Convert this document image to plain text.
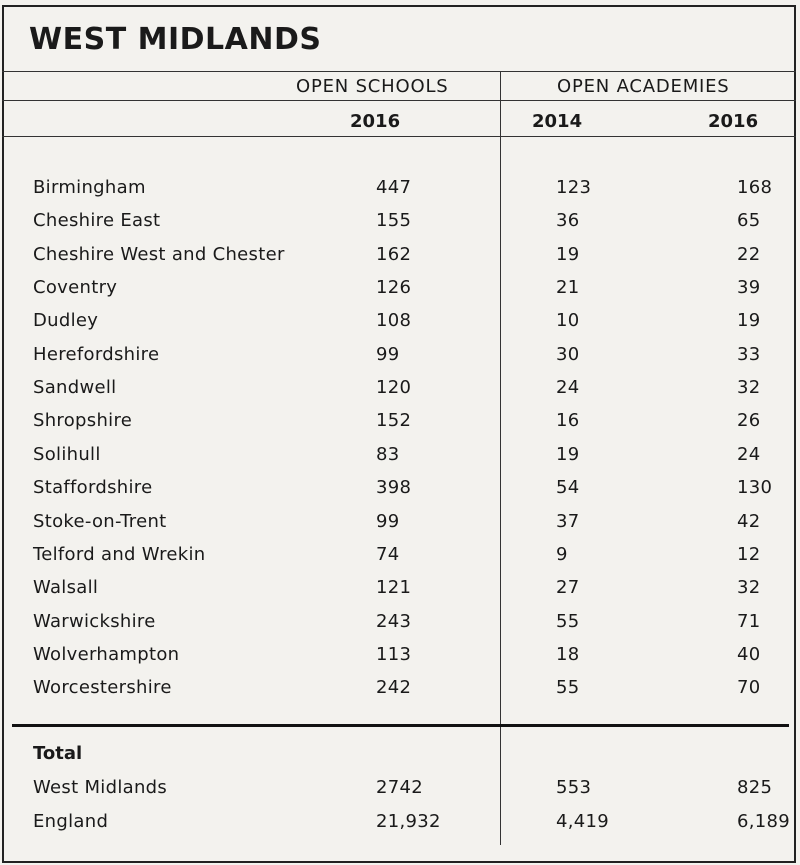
WEST MIDLANDS
OPEN SCHOOLS	OPEN ACADEMIES
2016	2014	2016
Birmingham	447	123	168
Cheshire East	155	36	65
Cheshire West and Chester	162	19	22
Coventry	126	21	39
Dudley	108	10	19
Herefordshire	99	30	33
Sandwell	120	24	32
Shropshire	152	16	26
Solihull	83	19	24
Staffordshire	398	54	130
Stoke-on-Trent	99	37	42
Telford and Wrekin	74	9	12
Walsall	121	27	32
Warwickshire	243	55	71
Wolverhampton	113	18	40
Worcestershire	242	55	70
Total
West Midlands	2742	553	825
England	21,932	4,419	6,189
